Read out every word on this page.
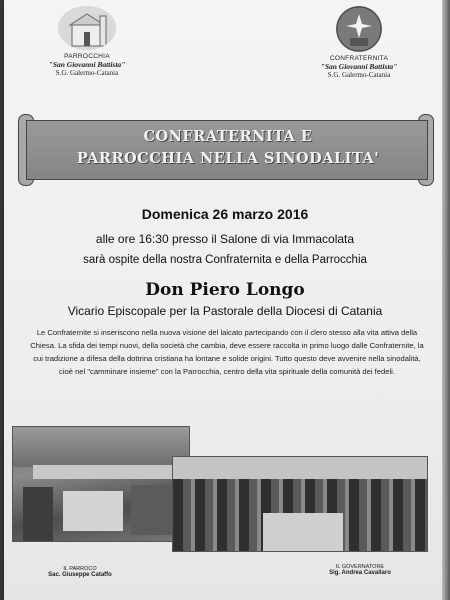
PARROCCHIA
"San Giovanni Battista"
S.G. Galermo-Catania
CONFRATERNITA
"San Giovanni Battista"
S.G. Galermo-Catania
CONFRATERNITA E
PARROCCHIA NELLA SINODALITA'
Domenica 26 marzo 2016
alle ore 16:30 presso il Salone di via Immacolata
sarà ospite della nostra Confraternita e della Parrocchia
Don Piero Longo
Vicario Episcopale per la Pastorale della Diocesi di Catania
Le Confraternite si inseriscono nella nuova visione del laicato partecipando con il clero stesso alla vita attiva della Chiesa. La sfida dei tempi nuovi, della società che cambia, deve essere raccolta in primo luogo dalle Confraternite, la cui tradizione a difesa della dottrina cristiana ha lontane e solide origini. Tutto questo deve avvenire nella sinodalità, cioè nel "camminare insieme" con la Parrocchia, centro della vita spirituale della comunità dei fedeli.
IL PARROCO
Sac. Giuseppe Cataffo
IL GOVERNATORE
Sig. Andrea Cavallaro
